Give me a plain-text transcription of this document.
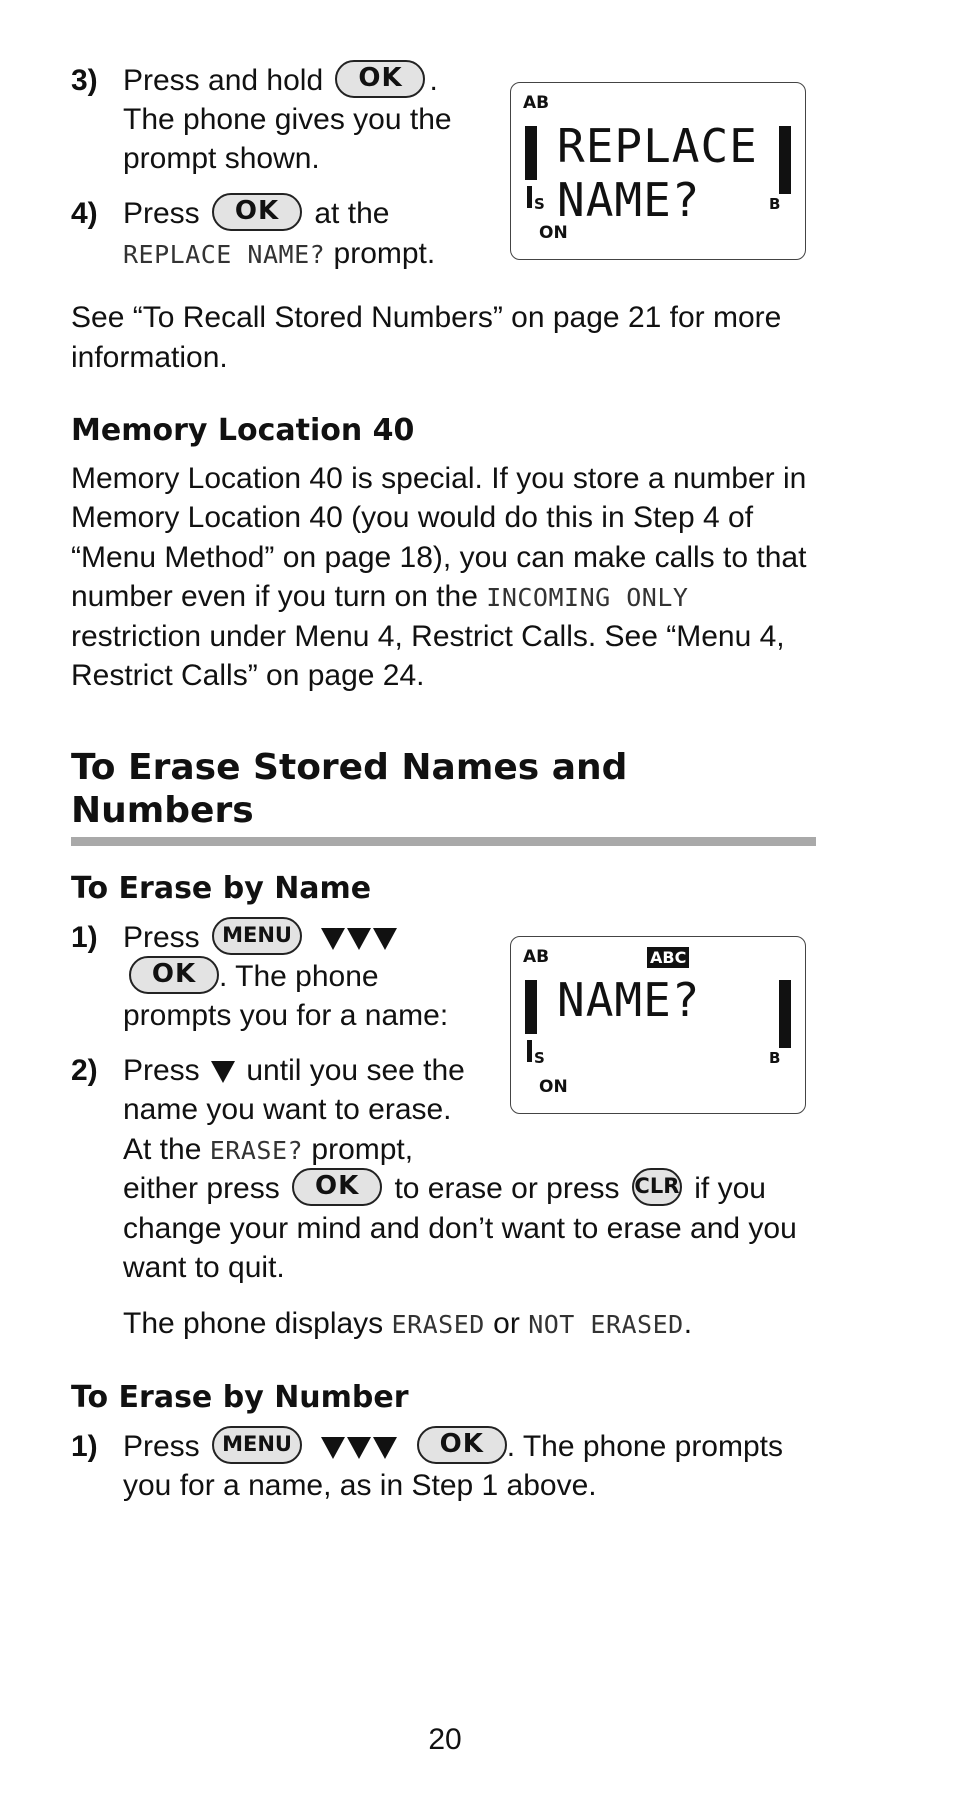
3) Press and hold OK .
The phone gives you the
prompt shown.
4) Press OK at the
REPLACE NAME? prompt.
AB
S
ON
REPLACE
NAME?	B
See “To Recall Stored Numbers” on page 21 for more
information.
Memory Location 40
Memory Location 40 is special. If you store a number in
Memory Location 40 (you would do this in Step 4 of
“Menu Method” on page 18), you can make calls to that
number even if you turn on the INCOMING ONLY
restriction under Menu 4, Restrict Calls. See “Menu 4,
Restrict Calls” on page 24.
To Erase Stored Names and
Numbers
To Erase by Name
1) Press MENU
OK . The phone
prompts you for a name:
2) Press until you see the
name you want to erase.
At the ERASE? prompt,
either press OK to erase or press CLR if you
change your mind and don’t want to erase and you
want to quit.
The phone displays ERASED or NOT ERASED.
AB	ABC
S
ON
NAME?
B
To Erase by Number
1) Press MENU	OK . The phone prompts
you for a name, as in Step 1 above.
20
